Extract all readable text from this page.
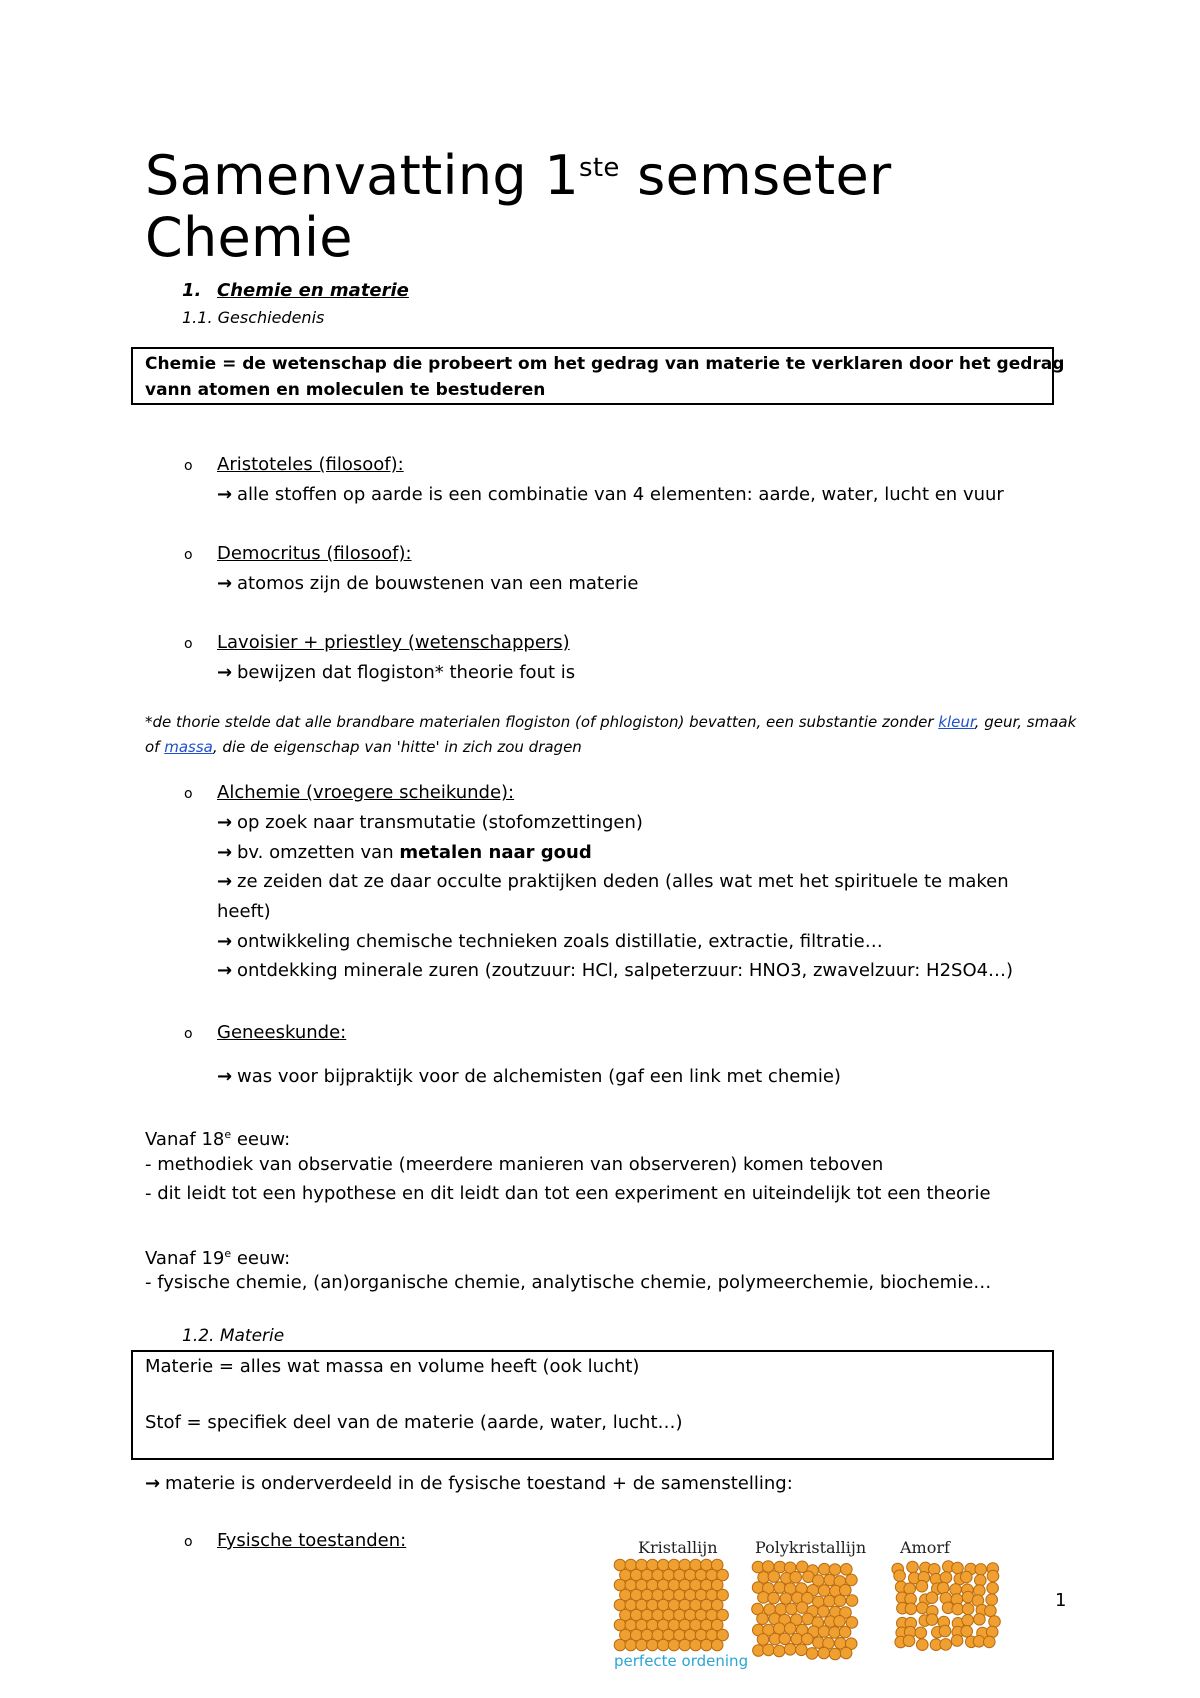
Samenvatting 1ste semseter
Chemie
1. Chemie en materie
1.1. Geschiedenis
Chemie = de wetenschap die probeert om het gedrag van materie te verklaren door het gedrag
vann atomen en moleculen te bestuderen
o Aristoteles (filosoof):
→ alle stoffen op aarde is een combinatie van 4 elementen: aarde, water, lucht en vuur
o Democritus (filosoof):
→ atomos zijn de bouwstenen van een materie
o Lavoisier + priestley (wetenschappers)
→ bewijzen dat flogiston* theorie fout is
*de thorie stelde dat alle brandbare materialen flogiston (of phlogiston) bevatten, een substantie zonder kleur, geur, smaak
of massa, die de eigenschap van 'hitte' in zich zou dragen
o Alchemie (vroegere scheikunde):
→ op zoek naar transmutatie (stofomzettingen)
→ bv. omzetten van metalen naar goud
→ ze zeiden dat ze daar occulte praktijken deden (alles wat met het spirituele te maken
heeft)
→ ontwikkeling chemische technieken zoals distillatie, extractie, filtratie…
→ ontdekking minerale zuren (zoutzuur: HCl, salpeterzuur: HNO3, zwavelzuur: H2SO4…)
o Geneeskunde:
→ was voor bijpraktijk voor de alchemisten (gaf een link met chemie)
Vanaf 18e eeuw:
- methodiek van observatie (meerdere manieren van observeren) komen teboven
- dit leidt tot een hypothese en dit leidt dan tot een experiment en uiteindelijk tot een theorie
Vanaf 19e eeuw:
- fysische chemie, (an)organische chemie, analytische chemie, polymeerchemie, biochemie…
1.2. Materie
Materie = alles wat massa en volume heeft (ook lucht)
Stof = specifiek deel van de materie (aarde, water, lucht…)
→ materie is onderverdeeld in de fysische toestand + de samenstelling:
o Fysische toestanden:	Kristallijn Polykristallijn Amorf
perfecte ordening
1
